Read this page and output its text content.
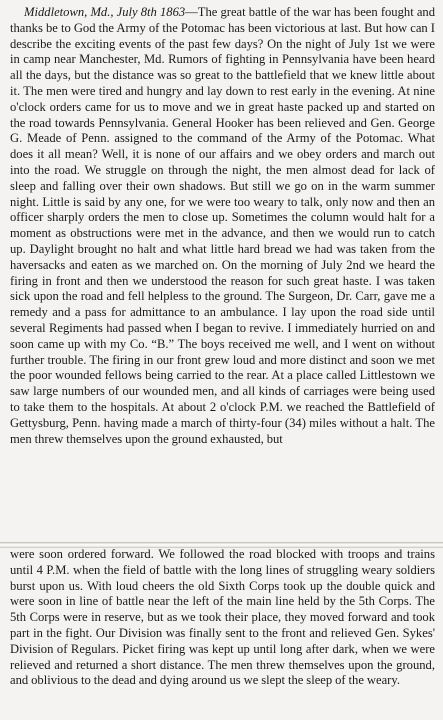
Middletown, Md., July 8th 1863—The great battle of the war has been fought and thanks be to God the Army of the Potomac has been victorious at last. But how can I describe the exciting events of the past few days? On the night of July 1st we were in camp near Manchester, Md. Rumors of fighting in Pennsylvania have been heard all the days, but the distance was so great to the battlefield that we knew little about it. The men were tired and hungry and lay down to rest early in the evening. At nine o'clock orders came for us to move and we in great haste packed up and started on the road towards Pennsylvania. General Hooker has been relieved and Gen. George G. Meade of Penn. assigned to the command of the Army of the Potomac. What does it all mean? Well, it is none of our affairs and we obey orders and march out into the road. We struggle on through the night, the men almost dead for lack of sleep and falling over their own shadows. But still we go on in the warm summer night. Little is said by any one, for we were too weary to talk, only now and then an officer sharply orders the men to close up. Sometimes the column would halt for a moment as obstructions were met in the advance, and then we would run to catch up. Daylight brought no halt and what little hard bread we had was taken from the haversacks and eaten as we marched on. On the morning of July 2nd we heard the firing in front and then we understood the reason for such great haste. I was taken sick upon the road and fell helpless to the ground. The Surgeon, Dr. Carr, gave me a remedy and a pass for admittance to an ambulance. I lay upon the road side until several Regiments had passed when I began to revive. I immediately hurried on and soon came up with my Co. “B.” The boys received me well, and I went on without further trouble. The firing in our front grew loud and more distinct and soon we met the poor wounded fellows being carried to the rear. At a place called Littlestown we saw large numbers of our wounded men, and all kinds of carriages were being used to take them to the hospitals. At about 2 o'clock P.M. we reached the Battlefield of Gettysburg, Penn. having made a march of thirty-four (34) miles without a halt. The men threw themselves upon the ground exhausted, but

were soon ordered forward. We followed the road blocked with troops and trains until 4 P.M. when the field of battle with the long lines of struggling weary soldiers burst upon us. With loud cheers the old Sixth Corps took up the double quick and were soon in line of battle near the left of the main line held by the 5th Corps. The 5th Corps were in reserve, but as we took their place, they moved forward and took part in the fight. Our Division was finally sent to the front and relieved Gen. Sykes' Division of Regulars. Picket firing was kept up until long after dark, when we were relieved and returned a short distance. The men threw themselves upon the ground, and oblivious to the dead and dying around us we slept the sleep of the weary.
